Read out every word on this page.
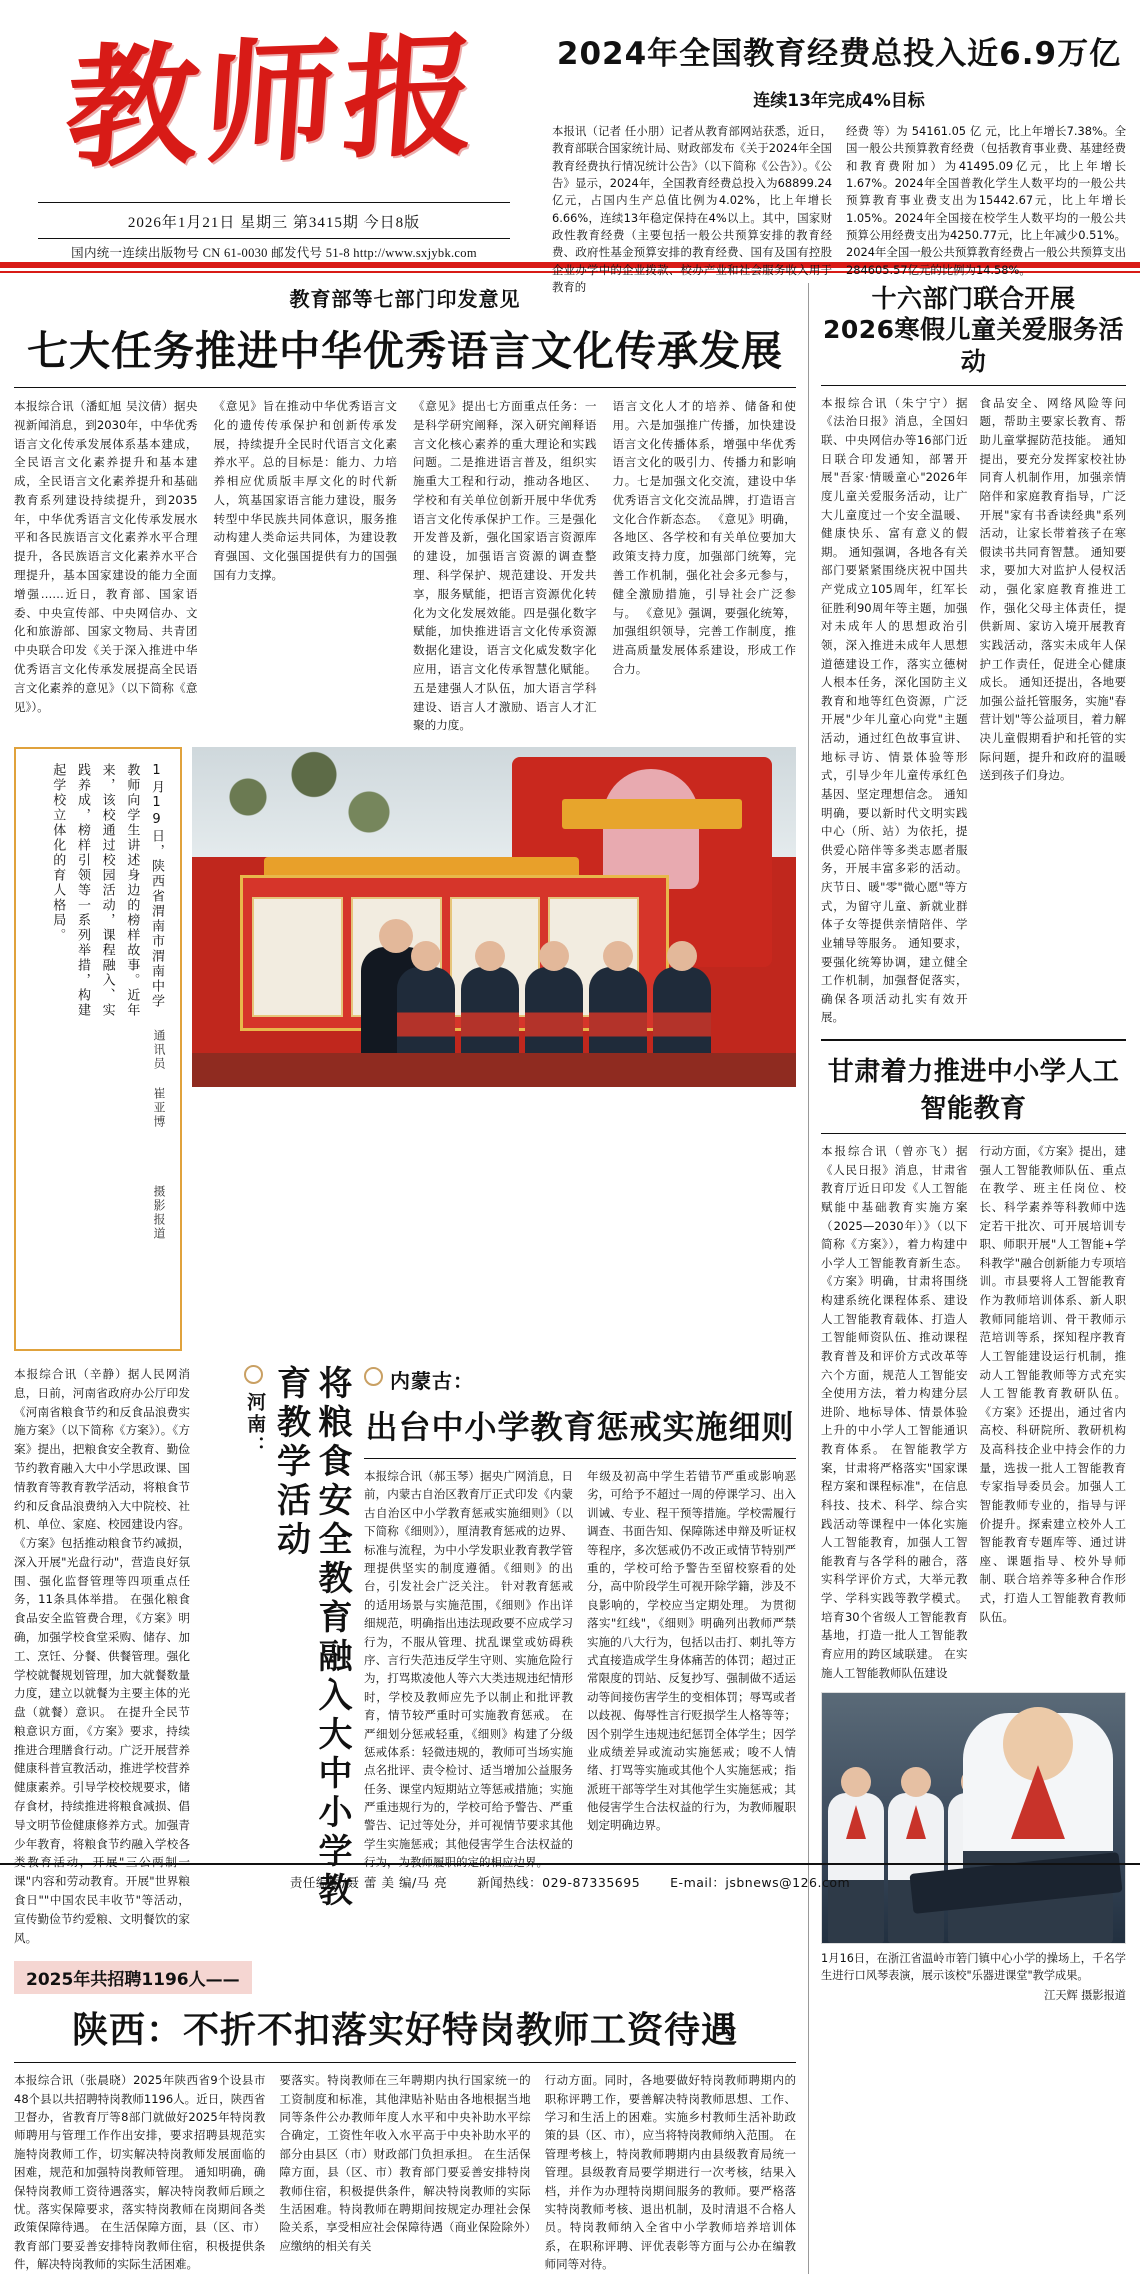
教师报
2026年1月21日 星期三 第3415期 今日8版
国内统一连续出版物号 CN 61-0030 邮发代号 51-8 http://www.sxjybk.com
2024年全国教育经费总投入近6.9万亿
连续13年完成4%目标
本报讯（记者 任小朋）记者从教育部网站获悉，近日，教育部联合国家统计局、财政部发布《关于2024年全国教育经费执行情况统计公告》（以下简称《公告》）。《公告》显示，2024年，全国教育经费总投入为68899.24亿元，占国内生产总值比例为4.02%，比上年增长6.66%，连续13年稳定保持在4%以上。其中，国家财政性教育经费（主要包括一般公共预算安排的教育经费、政府性基金预算安排的教育经费、国有及国有控股企业办学中的企业拨款、校办产业和社会服务收入用于教育的
经费 等）为 54161.05 亿 元，比上年增长7.38%。全国一般公共预算教育经费（包括教育事业费、基建经费和教育费附加）为41495.09亿元，比上年增长1.67%。2024年全国普教化学生人数平均的一般公共预算教育事业费支出为15442.67元，比上年增长1.05%。2024年全国接在校学生人数平均的一般公共预算公用经费支出为4250.77元，比上年减少0.51%。2024年全国一般公共预算教育经费占一般公共预算支出284605.57亿元的比例为14.58%。
教育部等七部门印发意见
七大任务推进中华优秀语言文化传承发展
本报综合讯（潘虹旭 吴汶倩）据央视新闻消息，到2030年，中华优秀语言文化传承发展体系基本建成，全民语言文化素养提升和基本建成，全民语言文化素养提升和基础教育系列建设持续提升，到2035年，中华优秀语言文化传承发展水平和各民族语言文化素养水平合理提升，各民族语言文化素养水平合理提升，基本国家建设的能力全面增强……近日，教育部、国家语委、中央宣传部、中央网信办、文化和旅游部、国家文物局、共青团中央联合印发《关于深入推进中华优秀语言文化传承发展提高全民语言文化素养的意见》（以下简称《意见》）。
《意见》旨在推动中华优秀语言文化的遗传传承保护和创新传承发展，持续提升全民时代语言文化素养水平。总的目标是：能力、力培养相应优质版丰厚文化的时代新人，筑基国家语言能力建设，服务转型中华民族共同体意识，服务推动构建人类命运共同体，为建设教育强国、文化强国提供有力的国强国有力支撑。
《意见》提出七方面重点任务：一是科学研究阐释，深入研究阐释语言文化核心素养的重大理论和实践问题。二是推进语言普及，组织实施重大工程和行动，推动各地区、学校和有关单位创新开展中华优秀语言文化传承保护工作。三是强化开发普及新，强化国家语言资源库的建设，加强语言资源的调查整理、科学保护、规范建设、开发共享，服务赋能，把语言资源优化转化为文化发展效能。四是强化数字赋能，加快推进语言文化传承资源数据化建设，语言文化威发数字化应用，语言文化传承智慧化赋能。五是建强人才队伍，加大语言学科建设、语言人才激励、语言人才汇聚的力度。
语言文化人才的培养、储备和使用。六是加强推广传播，加快建设语言文化传播体系，增强中华优秀语言文化的吸引力、传播力和影响力。七是加强文化交流，建设中华优秀语言文化交流品牌，打造语言文化合作新态态。 《意见》明确，各地区、各学校和有关单位要加大政策支持力度，加强部门统筹，完善工作机制，强化社会多元参与，健全激励措施，引导社会广泛参与。 《意见》强调，要强化统筹，加强组织领导，完善工作制度，推进高质量发展体系建设，形成工作合力。
1月19日，陕西省渭南市渭南中学教师向学生讲述身边的榜样故事。近年来，该校通过校园活动，课程融入、实践养成，榜样引领等一系列举措，构建起学校立体化的育人格局。
通讯员 崔亚博
摄影报道
本报综合讯（辛静）据人民网消息，日前，河南省政府办公厅印发《河南省粮食节约和反食品浪费实施方案》（以下简称《方案》）。《方案》提出，把粮食安全教育、勤俭节约教育融入大中小学思政课、国情教育等教育教学活动，将粮食节约和反食品浪费纳入大中院校、社机、单位、家庭、校园建设内容。 《方案》包括推动粮食节约减损，深入开展"光盘行动"，营造良好氛围、强化监督管理等四项重点任务，11条具体举措。 在强化粮食食品安全监管费合理，《方案》明确，加强学校食堂采购、储存、加工、烹饪、分餐、供餐管理。强化学校就餐规划管理，加大就餐数量力度，建立以就餐为主要主体的光盘（就餐）意识。 在提升全民节粮意识方面，《方案》要求，持续推进合理膳食行动。广泛开展营养健康科普宣教活动，推进学校营养健康素养。引导学校校规要求，储存食材，持续推进将粮食减损、倡导文明节俭健康修养方式。加强青少年教育，将粮食节约融入学校各类教育活动，开展"三公两制一课"内容和劳动教育。开展"世界粮食日""中国农民丰收节"等活动，宣传勤俭节约爱粮、文明餐饮的家风。
将粮食安全教育融入大中小学教育教学活动
河南：
内蒙古：
出台中小学教育惩戒实施细则
本报综合讯（郝玉琴）据央广网消息，日前，内蒙古自治区教育厅正式印发《内蒙古自治区中小学教育惩戒实施细则》（以下简称《细则》），厘清教育惩戒的边界、标准与流程，为中小学发职业教育教学管理提供坚实的制度遵循。《细则》的出台，引发社会广泛关注。 针对教育惩戒的适用场景与实施范围，《细则》作出详细规范，明确指出违法现政要不应成学习行为，不服从管理、扰乱课堂或妨碍秩序、言行失范违反学生守则、实施危险行为，打骂欺凌他人等六大类违规违纪情形时，学校及教师应先予以制止和批评教育，情节较严重时可实施教育惩戒。 在严细划分惩戒轻重，《细则》构建了分级惩戒体系：轻微违规的，教师可当场实施点名批评、责令检讨、适当增加公益服务任务、课堂内短期站立等惩戒措施；实施严重违规行为的，学校可给予警告、严重警告、记过等处分，并可视情节要求其他学生实施惩戒；其他侵害学生合法权益的行为，为教师履职的定的相应边界。
年级及初高中学生若错节严重或影响恶劣，可给予不超过一周的停课学习、出入训诫、专业、程干预等措施。学校需履行调查、书面告知、保障陈述申辩及听证权等程序，多次惩戒仍不改正或情节特别严重的，学校可给予警告至留校察看的处分，高中阶段学生可视开除学籍，涉及不良影响的，学校应当定期处理。 为贯彻落实"红线"，《细则》明确列出教师严禁实施的八大行为，包括以击打、刺扎等方式直接造成学生身体痛苦的体罚；超过正常限度的罚站、反复抄写、强制做不适运动等间接伤害学生的变相体罚；辱骂或者以歧视、侮辱性言行贬损学生人格等等；因个别学生违规违纪惩罚全体学生；因学业成绩差异或流动实施惩戒；唆不人情绪、打骂等实施或其他个人实施惩戒；指派班干部等学生对其他学生实施惩戒；其他侵害学生合法权益的行为，为教师履职划定明确边界。
2025年共招聘1196人——
陕西：不折不扣落实好特岗教师工资待遇
本报综合讯（张晨晓）2025年陕西省9个设县市48个县以共招聘特岗教师1196人。近日，陕西省卫督办，省教育厅等8部门就做好2025年特岗教师聘用与管理工作作出安排，要求招聘县规范实施特岗教师工作，切实解决特岗教师发展面临的困难，规范和加强特岗教师管理。 通知明确，确保特岗教师工资待遇落实，解决特岗教师后顾之忧。落实保障要求，落实特岗教师在岗期间各类政策保障待遇。 在生活保障方面，县（区、市）教育部门要妥善安排特岗教师住宿，积极提供条件，解决特岗教师的实际生活困难。
要落实。特岗教师在三年聘期内执行国家统一的工资制度和标准，其他津贴补贴由各地根据当地同等条件公办教师年度人水平和中央补助水平综合确定，工资性年收入水平高于中央补助水平的部分由县区（市）财政部门负担承担。 在生活保障方面，县（区、市）教育部门要妥善安排特岗教师住宿，积极提供条件，解决特岗教师的实际生活困难。特岗教师在聘期间按规定办理社会保险关系，享受相应社会保障待遇（商业保险除外）应缴纳的相关有关
行动方面。同时，各地要做好特岗教师聘期内的职称评聘工作，要善解决特岗教师思想、工作、学习和生活上的困难。实施乡村教师生活补助政策的县（区、市），应当将特岗教师纳入范围。 在管理考核上，特岗教师聘期内由县级教育局统一管理。县级教育局要学期进行一次考核，结果入档，并作为办理特岗期间服务的教师。要严格落实特岗教师考核、退出机制，及时清退不合格人员。特岗教师纳入全省中小学教师培养培训体系，在职称评聘、评优表彰等方面与公办在编教师同等对待。
十六部门联合开展
2026寒假儿童关爱服务活动
本报综合讯（朱宁宁）据《法治日报》消息，全国妇联、中央网信办等16部门近日联合印发通知，部署开展"吾家·情暖童心"2026年度儿童关爱服务活动，让广大儿童度过一个安全温暖、健康快乐、富有意义的假期。 通知强调，各地各有关部门要紧紧围绕庆祝中国共产党成立105周年，红军长征胜利90周年等主题，加强对未成年人的思想政治引领，深入推进未成年人思想道德建设工作，落实立德树人根本任务，深化国防主义教育和地等红色资源，广泛开展"少年儿童心向党"主题活动，通过红色故事宣讲、地标寻访、情景体验等形式，引导少年儿童传承红色基因、坚定理想信念。 通知明确，要以新时代文明实践中心（所、站）为依托，提供爱心陪伴等多类志愿者服务，开展丰富多彩的活动。庆节日、暖"零"微心愿"等方式，为留守儿童、新就业群体子女等提供亲情陪伴、学业辅导等服务。 通知要求，要强化统筹协调，建立健全工作机制，加强督促落实，确保各项活动扎实有效开展。
食品安全、网络风险等问题，帮助主要家长教育、帮助儿童掌握防范技能。 通知提出，要充分发挥家校社协同育人机制作用，加强亲情陪伴和家庭教育指导，广泛开展"家有书香读经典"系列活动，让家长带着孩子在寒假读书共同育智慧。 通知要求，要加大对监护人侵权活动，强化家庭教育推进工作，强化父母主体责任，提供新周、家访入境开展教育实践活动，落实未成年人保护工作责任，促进全心健康成长。 通知还提出，各地要加强公益托管服务，实施"春营计划"等公益项目，着力解决儿童假期看护和托管的实际问题，提升和政府的温暖送到孩子们身边。
甘肃着力推进中小学人工智能教育
本报综合讯（曾亦飞）据《人民日报》消息，甘肃省教育厅近日印发《人工智能赋能中基础教育实施方案（2025—2030年）》（以下简称《方案》），着力构建中小学人工智能教育新生态。 《方案》明确，甘肃将围绕构建系统化课程体系、建设人工智能教育载体、打造人工智能师资队伍、推动课程教育普及和评价方式改革等六个方面，规范人工智能安全使用方法，着力构建分层进阶、地标导体、情景体验上升的中小学人工智能通识教育体系。 在智能教学方案，甘肃将严格落实"国家课程方案和课程标准"，在信息科技、技术、科学、综合实践活动等课程中一体化实施人工智能教育，加强人工智能教育与各学科的融合，落实科学评价方式，大举元教学、学科实践等教学模式。培育30个省级人工智能教育基地，打造一批人工智能教育应用的跨区域联建。 在实施人工智能教师队伍建设
行动方面，《方案》提出，建强人工智能教师队伍、重点在教学、班主任岗位、校长、科学素养等科教师中选定若干批次、可开展培训专职、师职开展"人工智能+学科教学"融合创新能力专项培训。市县要将人工智能教育作为教师培训体系、新人职教师同能培训、骨干教师示范培训等系，探知程序教育人工智能建设运行机制，推动人工智能教师等方式充实人工智能教育教研队伍。 《方案》还提出，通过省内高校、科研院所、教研机构及高科技企业中持会作的力量，选拔一批人工智能教育专家指导委员会。加强人工智能教师专业的，指导与评价提升。探索建立校外人工智能教育专题库等、通过讲座、课题指导、校外导师制、联合培养等多种合作形式，打造人工智能教育教师队伍。
1月16日，在浙江省温岭市箬门镇中心小学的操场上，千名学生进行口风琴表演，展示该校"乐器进课堂"教学成果。
江天辉 摄影报道
责任编辑/聂 蕾 美 编/马 亮 新闻热线：029-87335695 E-mail：jsbnews@126.com
